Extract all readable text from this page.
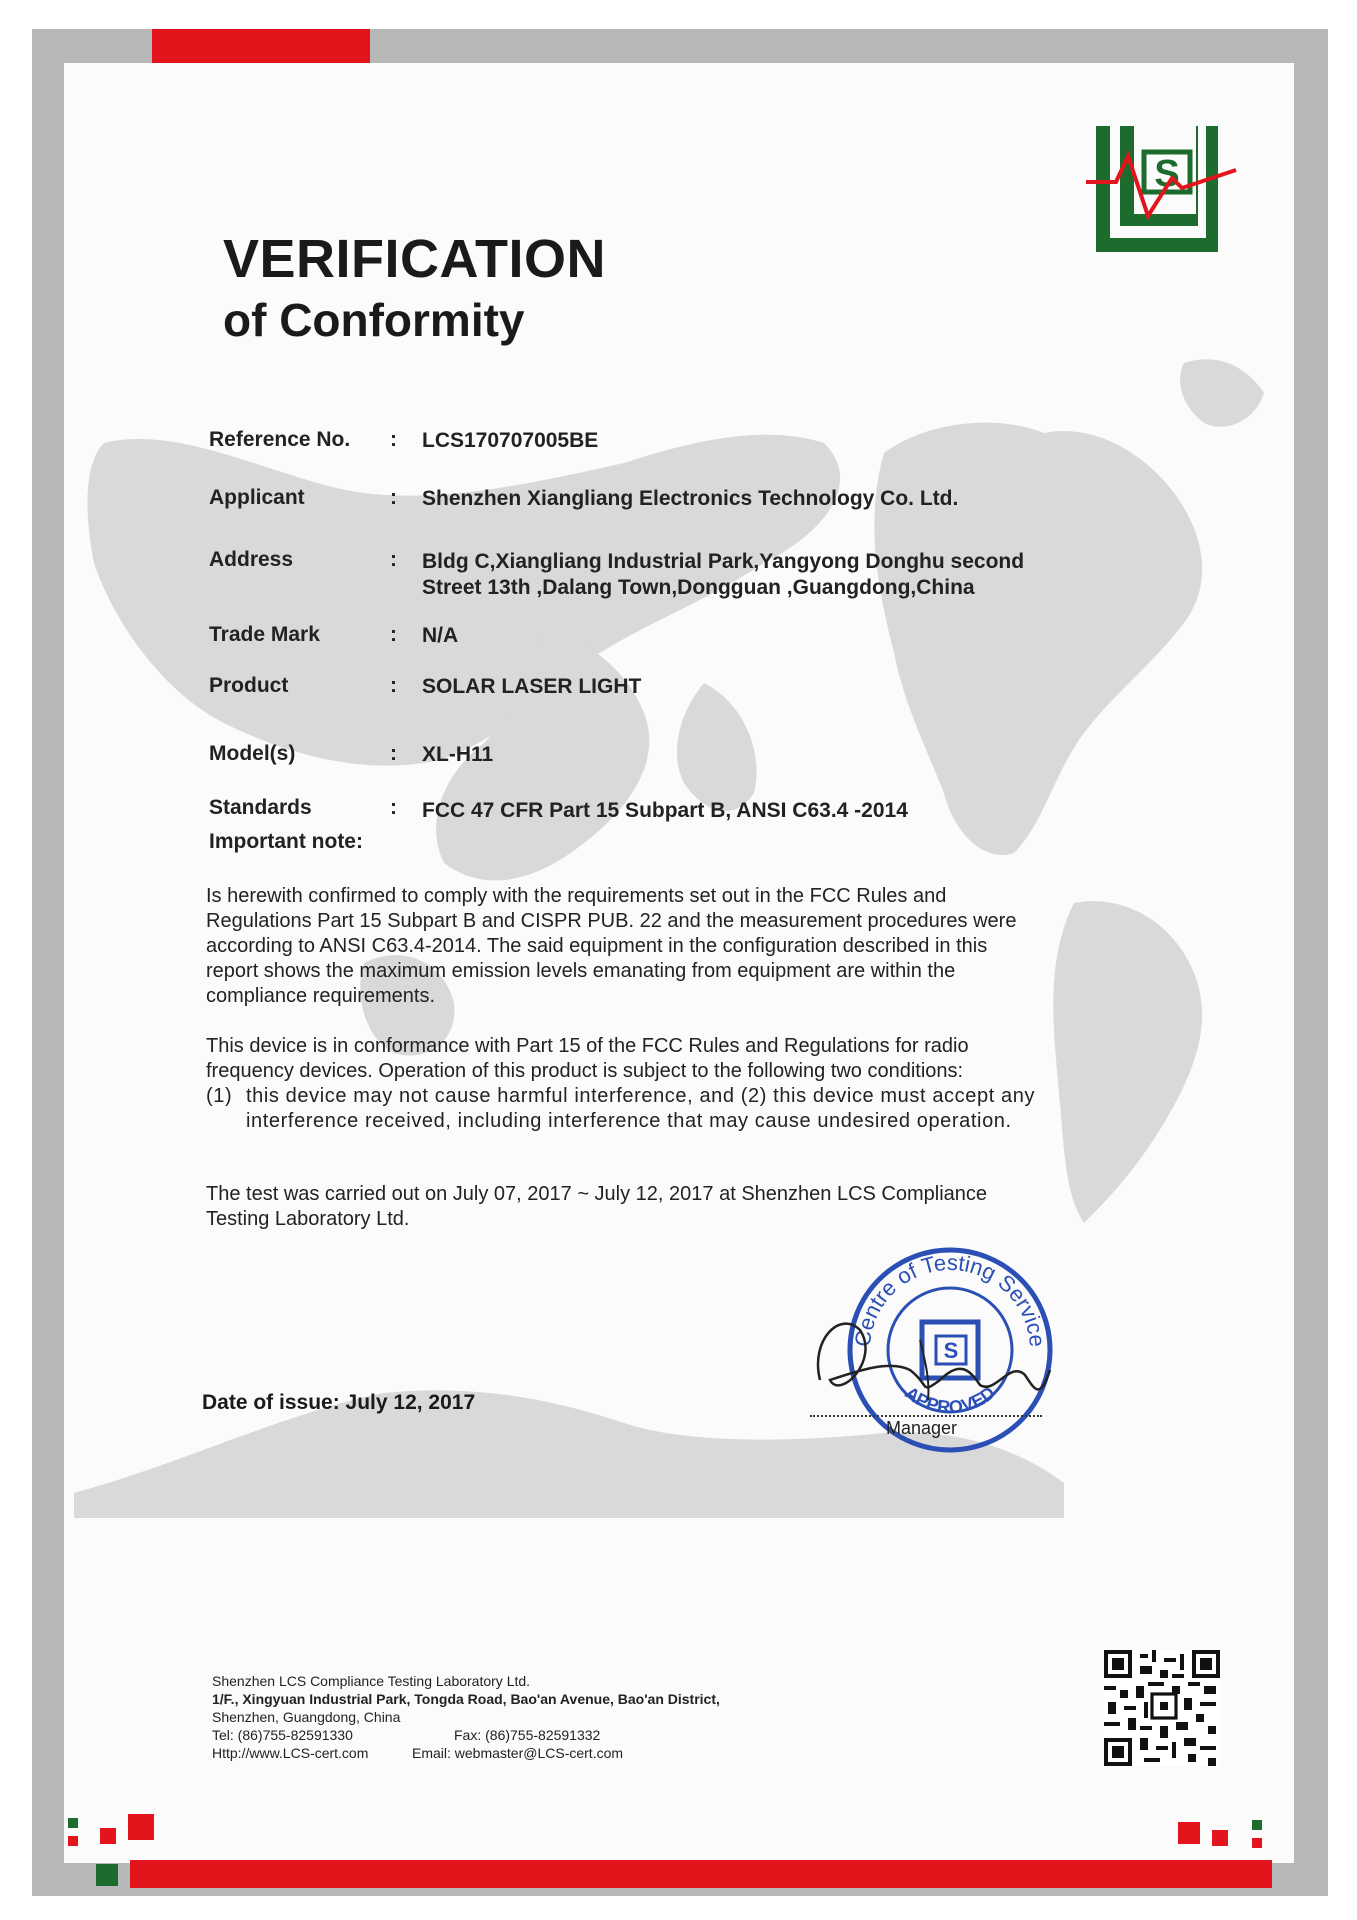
S
VERIFICATION
of Conformity
Reference No. : LCS170707005BE
Applicant	: Shenzhen Xiangliang Electronics Technology Co. Ltd.
Address	: Bldg C,Xiangliang Industrial Park,Yangyong Donghu second
Street 13th ,Dalang Town,Dongguan ,Guangdong,China
Trade Mark	: N/A
Product	: SOLAR LASER LIGHT
Model(s)	: XL-H11
Standards	: FCC 47 CFR Part 15 Subpart B, ANSI C63.4 -2014
Important note:
Is herewith confirmed to comply with the requirements set out in the FCC Rules and
Regulations Part 15 Subpart B and CISPR PUB. 22 and the measurement procedures were
according to ANSI C63.4-2014. The said equipment in the configuration described in this
report shows the maximum emission levels emanating from equipment are within the
compliance requirements.
This device is in conformance with Part 15 of the FCC Rules and Regulations for radio
frequency devices. Operation of this product is subject to the following two conditions:
(1) this device may not cause harmful interference, and (2) this device must accept any interference received, including interference that may cause undesired operation.
The test was carried out on July 07, 2017 ~ July 12, 2017 at Shenzhen LCS Compliance
Testing Laboratory Ltd.
Centre of Testing Service
APPROVED
S
Date of issue: July 12, 2017
Manager
Shenzhen LCS Compliance Testing Laboratory Ltd.
1/F., Xingyuan Industrial Park, Tongda Road, Bao'an Avenue, Bao'an District,
Shenzhen, Guangdong, China
Tel: (86)755-82591330	Fax: (86)755-82591332
Http://www.LCS-cert.com	Email: webmaster@LCS-cert.com
